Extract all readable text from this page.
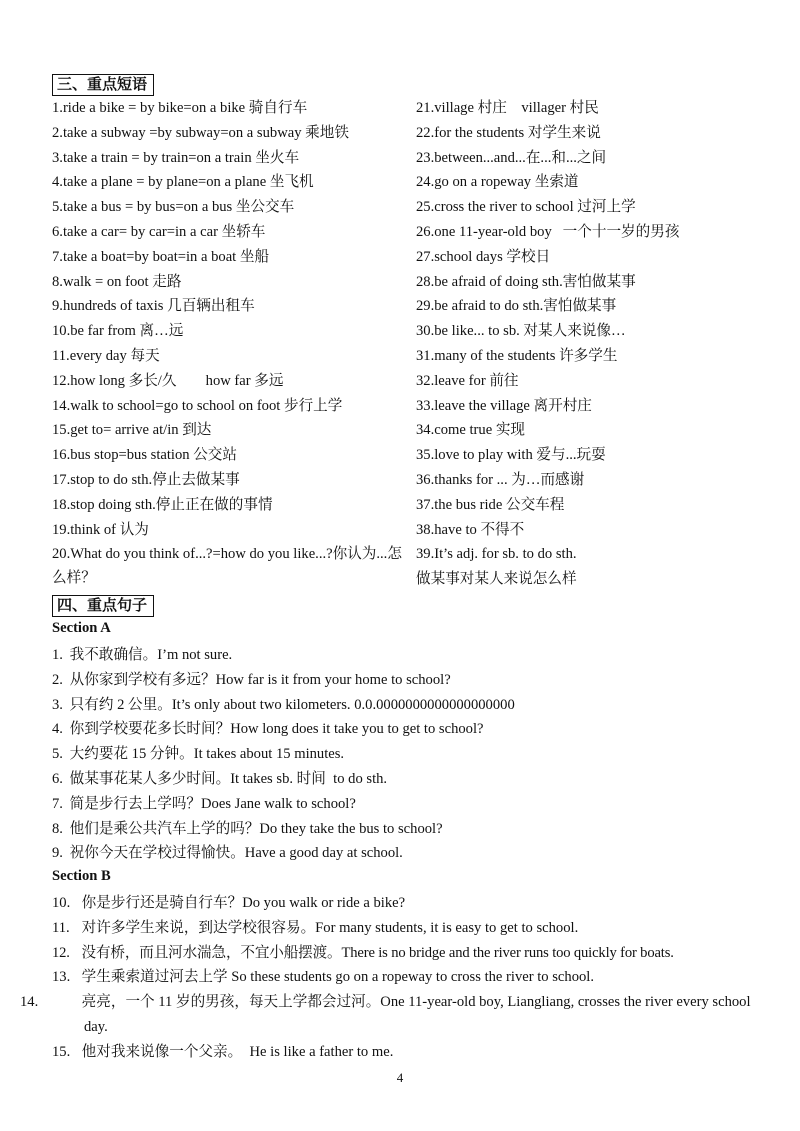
三、重点短语
1.ride a bike = by bike=on a bike 骑自行车
2.take a subway =by subway=on a subway 乘地铁
3.take a train = by train=on a train 坐火车
4.take a plane = by plane=on a plane 坐飞机
5.take a bus = by bus=on a bus 坐公交车
6.take a car= by car=in a car 坐轿车
7.take a boat=by boat=in a boat 坐船
8.walk = on foot 走路
9.hundreds of taxis 几百辆出租车
10.be far from 离…远
11.every day 每天
12.how long 多长/久        how far 多远
14.walk to school=go to school on foot 步行上学
15.get to= arrive at/in 到达
16.bus stop=bus station 公交站
17.stop to do sth.停止去做某事
18.stop doing sth.停止正在做的事情
19.think of 认为
20.What do you think of...?=how do you like...?你认为...怎么样？
21.village 村庄    villager 村民
22.for the students 对学生来说
23.between...and...在...和...之间
24.go on a ropeway 坐索道
25.cross the river to school 过河上学
26.one 11-year-old boy   一个十一岁的男孩
27.school days 学校日
28.be afraid of doing sth.害怕做某事
29.be afraid to do sth.害怕做某事
30.be like... to sb. 对某人来说像…
31.many of the students 许多学生
32.leave for 前往
33.leave the village 离开村庄
34.come true 实现
35.love to play with 爱与...玩耍
36.thanks for ... 为…而感谢
37.the bus ride 公交车程
38.have to 不得不
39.It’s adj. for sb. to do sth.
做某事对某人来说怎么样
四、重点句子
Section A
1. 我不敢确信。I’m not sure.
2. 从你家到学校有多远？How far is it from your home to school?
3. 只有约 2 公里。It’s only about two kilometers. 0.0.0000000000000000000
4. 你到学校要花多长时间？How long does it take you to get to school?
5. 大约要花 15 分钟。It takes about 15 minutes.
6. 做某事花某人多少时间。It takes sb. 时间  to do sth.
7. 简是步行去上学吗？Does Jane walk to school?
8. 他们是乘公共汽车上学的吗？Do they take the bus to school?
9. 祝你今天在学校过得愉快。Have a good day at school.
Section B
10. 你是步行还是骑自行车？Do you walk or ride a bike?
11. 对许多学生来说，到达学校很容易。For many students, it is easy to get to school.
12. 没有桥，而且河水湍急，不宜小船摆渡。There is no bridge and the river runs too quickly for boats.
13. 学生乘索道过河去上学 So these students go on a ropeway to cross the river to school.
14.	亮亮，一个 11 岁的男孩，每天上学都会过河。One 11-year-old boy, Liangliang, crosses the river every school day.
15. 他对我来说像一个父亲。  He is like a father to me.
4
